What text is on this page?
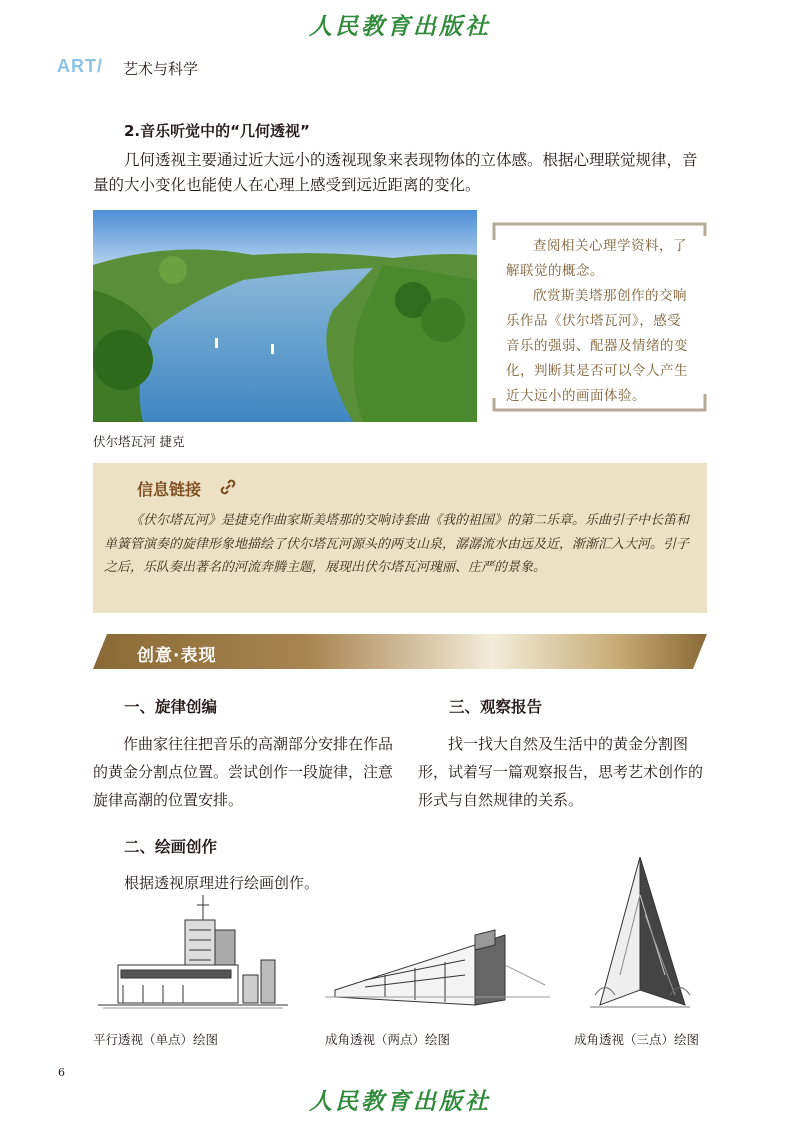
人民教育出版社
ART/ 艺术与科学
2.音乐听觉中的“几何透视”
几何透视主要通过近大远小的透视现象来表现物体的立体感。根据心理联觉规律，音量的大小变化也能使人在心理上感受到远近距离的变化。
伏尔塔瓦河 捷克
查阅相关心理学资料，了
解联觉的概念。
欣赏斯美塔那创作的交响
乐作品《伏尔塔瓦河》，感受
音乐的强弱、配器及情绪的变
化，判断其是否可以令人产生
近大远小的画面体验。
信息链接
《伏尔塔瓦河》是捷克作曲家斯美塔那的交响诗套曲《我的祖国》的第二乐章。乐曲引子中长笛和单簧管演奏的旋律形象地描绘了伏尔塔瓦河源头的两支山泉，潺潺流水由远及近，渐渐汇入大河。引子之后，乐队奏出著名的河流奔腾主题，展现出伏尔塔瓦河瑰丽、庄严的景象。
创意·表现
一、旋律创编
作曲家往往把音乐的高潮部分安排在作品的黄金分割点位置。尝试创作一段旋律，注意旋律高潮的位置安排。
三、观察报告
找一找大自然及生活中的黄金分割图形，试着写一篇观察报告，思考艺术创作的形式与自然规律的关系。
二、绘画创作
根据透视原理进行绘画创作。
平行透视（单点）绘图	成角透视（两点）绘图	成角透视（三点）绘图
6
人民教育出版社
